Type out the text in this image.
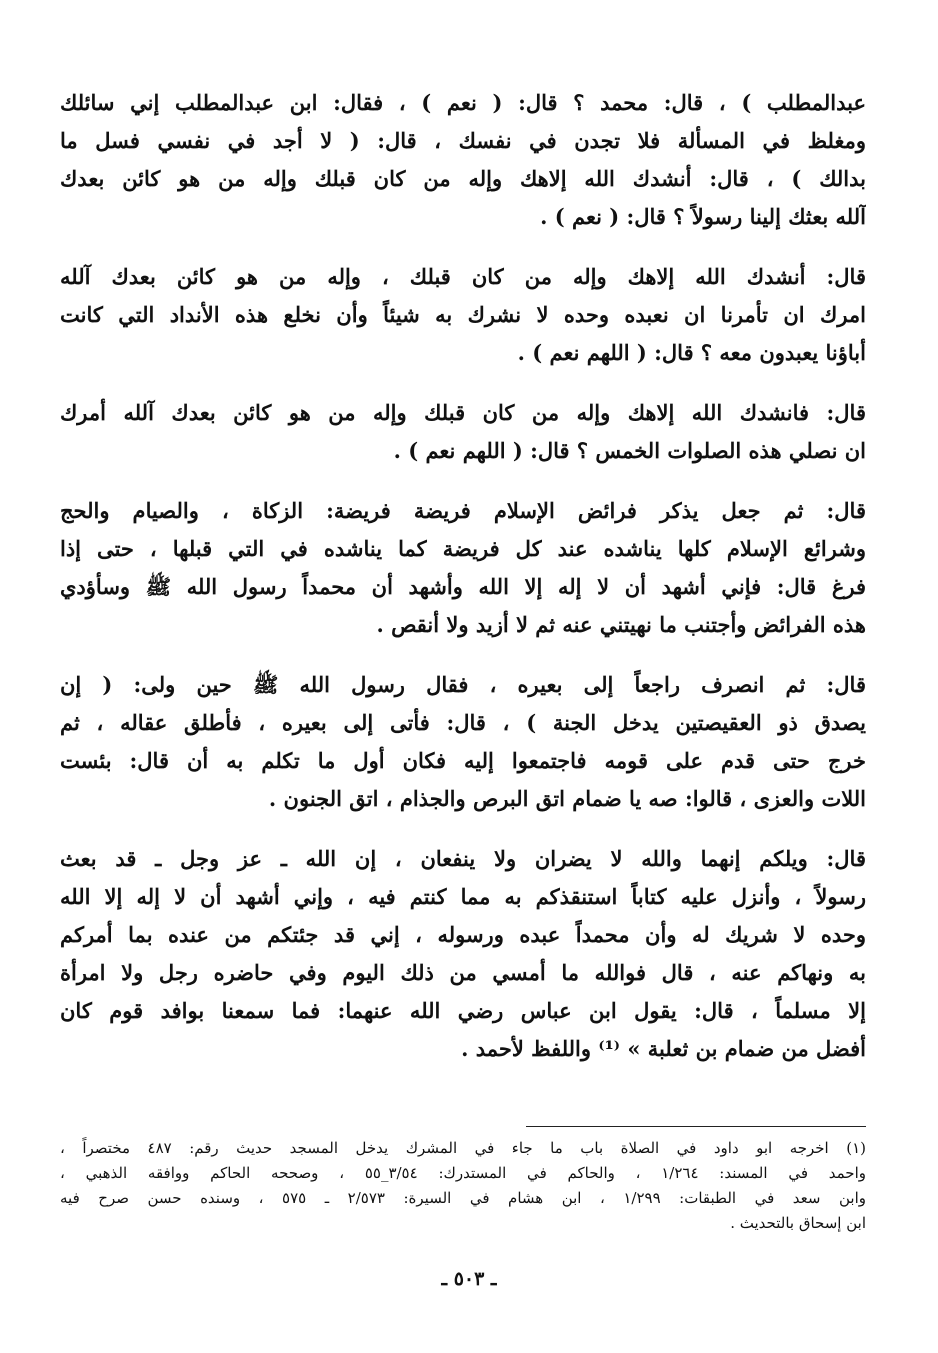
عبدالمطلب ) ، قال: محمد ؟ قال: ( نعم ) ، فقال: ابن عبدالمطلب إني سائلك
ومغلظ في المسألة فلا تجدن في نفسك ، قال: ( لا أجد في نفسي فسل ما
بدالك ) ، قال: أنشدك الله إلاهك وإله من كان قبلك وإله من هو كائن بعدك
آلله بعثك إلينا رسولاً ؟ قال: ( نعم ) .
قال: أنشدك الله إلاهك وإله من كان قبلك ، وإله من هو كائن بعدك آلله
امرك ان تأمرنا ان نعبده وحده لا نشرك به شيئاً وأن نخلع هذه الأنداد التي كانت
أباؤنا يعبدون معه ؟ قال: ( اللهم نعم ) .
قال: فانشدك الله إلاهك وإله من كان قبلك وإله من هو كائن بعدك آلله أمرك
ان نصلي هذه الصلوات الخمس ؟ قال: ( اللهم نعم ) .
قال: ثم جعل يذكر فرائض الإسلام فريضة فريضة: الزكاة ، والصيام والحج
وشرائع الإسلام كلها يناشده عند كل فريضة كما يناشده في التي قبلها ، حتى إذا
فرغ قال: فإني أشهد أن لا إله إلا الله وأشهد أن محمداً رسول الله ﷺ وسأؤدي
هذه الفرائض وأجتنب ما نهيتني عنه ثم لا أزيد ولا أنقص .
قال: ثم انصرف راجعاً إلى بعيره ، فقال رسول الله ﷺ حين ولى: ( إن
يصدق ذو العقيصتين يدخل الجنة ) ، قال: فأتى إلى بعيره ، فأطلق عقاله ، ثم
خرج حتى قدم على قومه فاجتمعوا إليه فكان أول ما تكلم به أن قال: بئست
اللات والعزى ، قالوا: صه يا ضمام اتق البرص والجذام ، اتق الجنون .
قال: ويلكم إنهما والله لا يضران ولا ينفعان ، إن الله ـ عز وجل ـ قد بعث
رسولاً ، وأنزل عليه كتاباً استنقذكم به مما كنتم فيه ، وإني أشهد أن لا إله إلا الله
وحده لا شريك له وأن محمداً عبده ورسوله ، إني قد جئتكم من عنده بما أمركم
به ونهاكم عنه ، قال فوالله ما أمسي من ذلك اليوم وفي حاضره رجل ولا امرأة
إلا مسلماً ، قال: يقول ابن عباس رضي الله عنهما: فما سمعنا بوافد قوم كان
أفضل من ضمام بن ثعلبة » ⁽¹⁾ واللفظ لأحمد .
(١) اخرجه ابو داود في الصلاة باب ما جاء في المشرك يدخل المسجد حديث رقم: ٤٨٧ مختصراً ،
واحمد في المسند: ١/٢٦٤ ، والحاكم في المستدرك: ٣/٥٤_٥٥ ، وصححه الحاكم ووافقه الذهبي ،
وابن سعد في الطبقات: ١/٢٩٩ ، ابن هشام في السيرة: ٢/٥٧٣ ـ ٥٧٥ ، وسنده حسن صرح فيه
ابن إسحاق بالتحديث .
ـ ٥٠٣ ـ
